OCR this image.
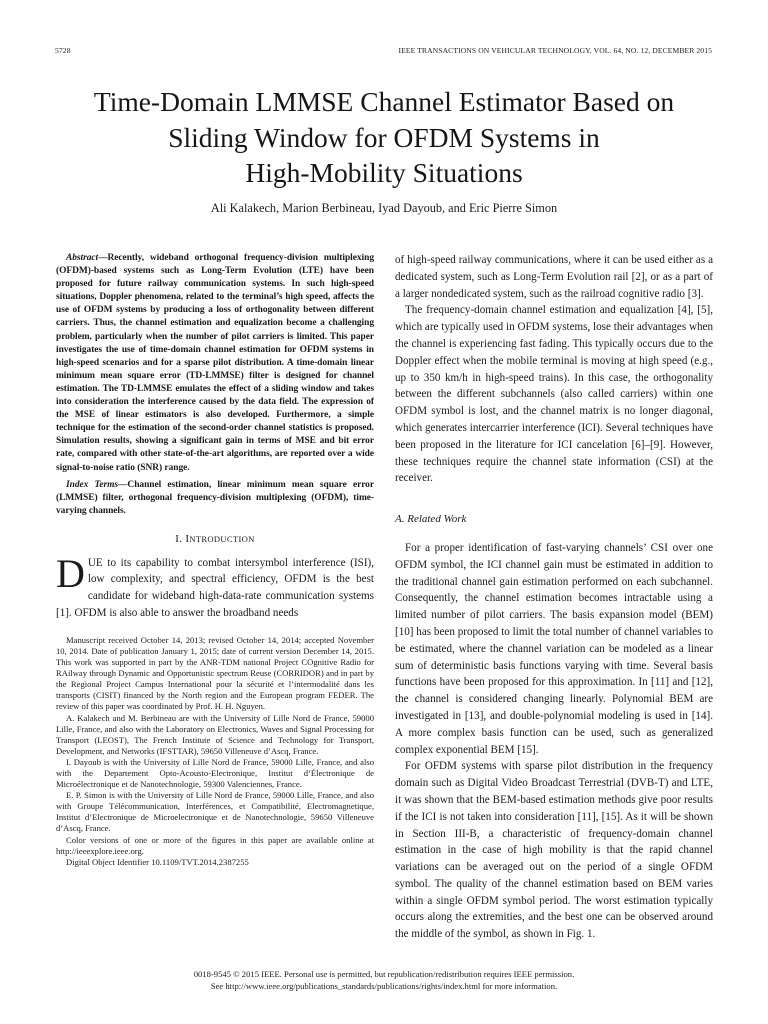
5728	IEEE TRANSACTIONS ON VEHICULAR TECHNOLOGY, VOL. 64, NO. 12, DECEMBER 2015
Time-Domain LMMSE Channel Estimator Based on
Sliding Window for OFDM Systems in
High-Mobility Situations
Ali Kalakech, Marion Berbineau, Iyad Dayoub, and Eric Pierre Simon

Abstract—Recently, wideband orthogonal frequency-division multiplexing (OFDM)-based systems such as Long-Term Evolution (LTE) have been proposed for future railway communication systems. In such high-speed situations, Doppler phenomena, related to the terminal’s high speed, affects the use of OFDM systems by producing a loss of orthogonality between different carriers. Thus, the channel estimation and equalization become a challenging problem, particularly when the number of pilot carriers is limited. This paper investigates the use of time-domain channel estimation for OFDM systems in high-speed scenarios and for a sparse pilot distribution. A time-domain linear minimum mean square error (TD-LMMSE) filter is designed for channel estimation. The TD-LMMSE emulates the effect of a sliding window and takes into consideration the interference caused by the data field. The expression of the MSE of linear estimators is also developed. Furthermore, a simple technique for the estimation of the second-order channel statistics is proposed. Simulation results, showing a significant gain in terms of MSE and bit error rate, compared with other state-of-the-art algorithms, are reported over a wide signal-to-noise ratio (SNR) range.

Index Terms—Channel estimation, linear minimum mean square error (LMMSE) filter, orthogonal frequency-division multiplexing (OFDM), time-varying channels.

I. INTRODUCTION
DUE to its capability to combat intersymbol interference (ISI), low complexity, and spectral efficiency, OFDM is the best candidate for wideband high-data-rate communication systems [1]. OFDM is also able to answer the broadband needs

Manuscript received October 14, 2013; revised October 14, 2014; accepted November 10, 2014. Date of publication January 1, 2015; date of current version December 14, 2015. This work was supported in part by the ANR-TDM national Project COgnitive Radio for RAilway through Dynamic and Opportunistic spectrum Reuse (CORRIDOR) and in part by the Regional Project Campus International pour la sécurité et l’intermodalité dans les transports (CISIT) financed by the North region and the European program FEDER. The review of this paper was coordinated by Prof. H. H. Nguyen.

A. Kalakech and M. Berbineau are with the University of Lille Nord de France, 59000 Lille, France, and also with the Laboratory on Electronics, Waves and Signal Processing for Transport (LEOST), The French Institute of Science and Technology for Transport, Development, and Networks (IFSTTAR), 59650 Villeneuve d’Ascq, France.

I. Dayoub is with the University of Lille Nord de France, 59000 Lille, France, and also with the Departement Opto-Acousto-Electronique, Institut d’Électronique de Microélectronique et de Nanotechnologie, 59300 Valenciennes, France.

E. P. Simon is with the University of Lille Nord de France, 59000 Lille, France, and also with Groupe Télécommunication, Interférences, et Compatibilité, Electromagnetique, Institut d’Electronique de Microelectronique et de Nanotechnologie, 59650 Villeneuve d’Ascq, France.

Color versions of one or more of the figures in this paper are available online at http://ieeexplore.ieee.org.

Digital Object Identifier 10.1109/TVT.2014.2387255

of high-speed railway communications, where it can be used either as a dedicated system, such as Long-Term Evolution rail [2], or as a part of a larger nondedicated system, such as the railroad cognitive radio [3].

The frequency-domain channel estimation and equalization [4], [5], which are typically used in OFDM systems, lose their advantages when the channel is experiencing fast fading. This typically occurs due to the Doppler effect when the mobile terminal is moving at high speed (e.g., up to 350 km/h in high-speed trains). In this case, the orthogonality between the different subchannels (also called carriers) within one OFDM symbol is lost, and the channel matrix is no longer diagonal, which generates intercarrier interference (ICI). Several techniques have been proposed in the literature for ICI cancelation [6]–[9]. However, these techniques require the channel state information (CSI) at the receiver.

A. Related Work

For a proper identification of fast-varying channels’ CSI over one OFDM symbol, the ICI channel gain must be estimated in addition to the traditional channel gain estimation performed on each subchannel. Consequently, the channel estimation becomes intractable using a limited number of pilot carriers. The basis expansion model (BEM) [10] has been proposed to limit the total number of channel variables to be estimated, where the channel variation can be modeled as a linear sum of deterministic basis functions varying with time. Several basis functions have been proposed for this approximation. In [11] and [12], the channel is considered changing linearly. Polynomial BEM are investigated in [13], and double-polynomial modeling is used in [14]. A more complex basis function can be used, such as generalized complex exponential BEM [15].

For OFDM systems with sparse pilot distribution in the frequency domain such as Digital Video Broadcast Terrestrial (DVB-T) and LTE, it was shown that the BEM-based estimation methods give poor results if the ICI is not taken into consideration [11], [15]. As it will be shown in Section III-B, a characteristic of frequency-domain channel estimation in the case of high mobility is that the rapid channel variations can be averaged out on the period of a single OFDM symbol. The quality of the channel estimation based on BEM varies within a single OFDM symbol period. The worst estimation typically occurs along the extremities, and the best one can be observed around the middle of the symbol, as shown in Fig. 1.

0018-9545 © 2015 IEEE. Personal use is permitted, but republication/redistribution requires IEEE permission.
See http://www.ieee.org/publications_standards/publications/rights/index.html for more information.
